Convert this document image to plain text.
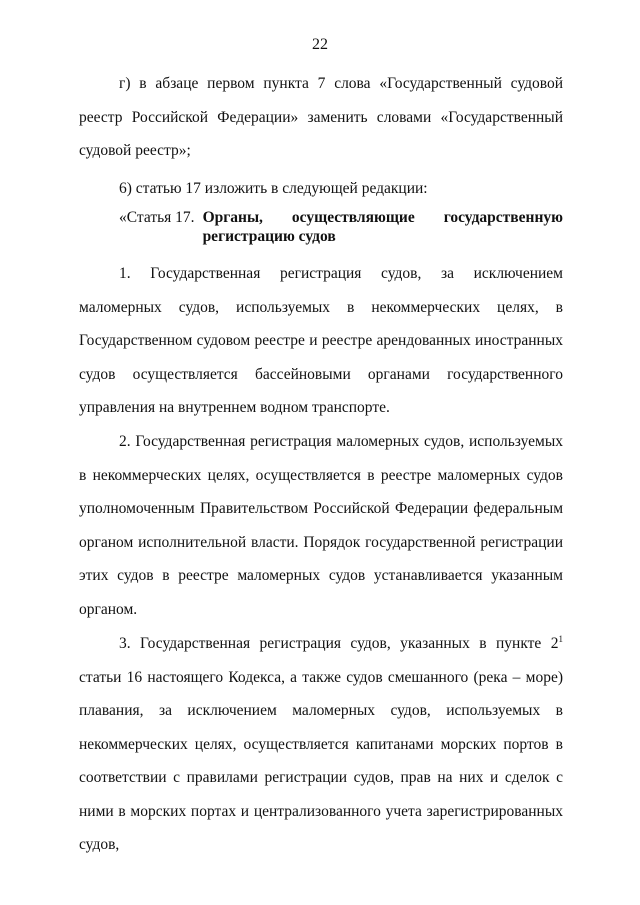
22

г) в абзаце первом пункта 7 слова «Государственный судовой реестр Российской Федерации» заменить словами «Государственный судовой реестр»;

6) статью 17 изложить в следующей редакции:

«Статья 17. Органы, осуществляющие государственную регистрацию судов

1. Государственная регистрация судов, за исключением маломерных судов, используемых в некоммерческих целях, в Государственном судовом реестре и реестре арендованных иностранных судов осуществляется бассейновыми органами государственного управления на внутреннем водном транспорте.

2. Государственная регистрация маломерных судов, используемых в некоммерческих целях, осуществляется в реестре маломерных судов уполномоченным Правительством Российской Федерации федеральным органом исполнительной власти. Порядок государственной регистрации этих судов в реестре маломерных судов устанавливается указанным органом.

3. Государственная регистрация судов, указанных в пункте $2^1$ статьи 16 настоящего Кодекса, а также судов смешанного (река – море) плавания, за исключением маломерных судов, используемых в некоммерческих целях, осуществляется капитанами морских портов в соответствии с правилами регистрации судов, прав на них и сделок с ними в морских портах и централизованного учета зарегистрированных судов,
